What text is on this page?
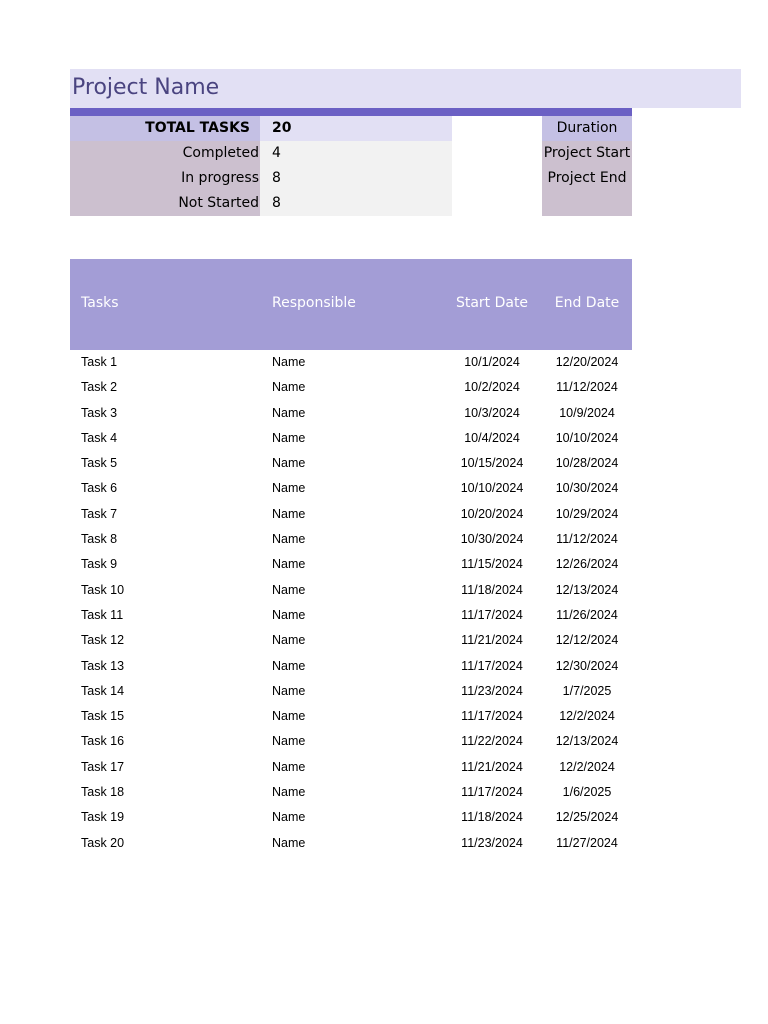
Project Name
TOTAL TASKS	20
Completed 4
In progress 8
Not Started 8
Duration
Project Start
Project End
Tasks	Responsible	Start Date	End Date
Task 1	Name	10/1/2024	12/20/2024
Task 2	Name	10/2/2024	11/12/2024
Task 3	Name	10/3/2024	10/9/2024
Task 4	Name	10/4/2024	10/10/2024
Task 5	Name	10/15/2024	10/28/2024
Task 6	Name	10/10/2024	10/30/2024
Task 7	Name	10/20/2024	10/29/2024
Task 8	Name	10/30/2024	11/12/2024
Task 9	Name	11/15/2024	12/26/2024
Task 10	Name	11/18/2024	12/13/2024
Task 11	Name	11/17/2024	11/26/2024
Task 12	Name	11/21/2024	12/12/2024
Task 13	Name	11/17/2024	12/30/2024
Task 14	Name	11/23/2024	1/7/2025
Task 15	Name	11/17/2024	12/2/2024
Task 16	Name	11/22/2024	12/13/2024
Task 17	Name	11/21/2024	12/2/2024
Task 18	Name	11/17/2024	1/6/2025
Task 19	Name	11/18/2024	12/25/2024
Task 20	Name	11/23/2024	11/27/2024
